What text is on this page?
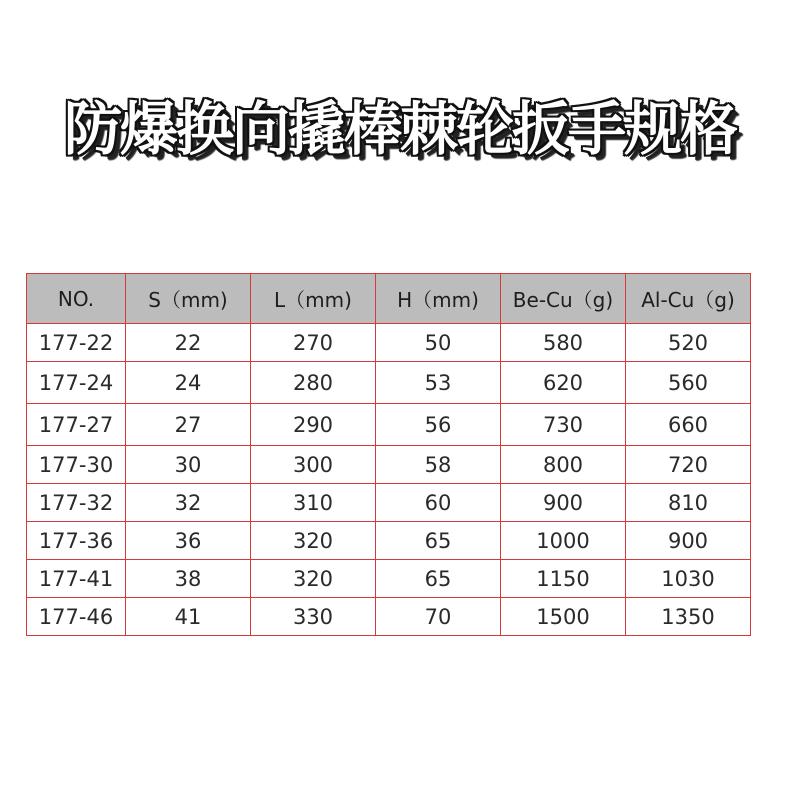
防爆换向撬棒棘轮扳手规格
NO.	S（mm)	L（mm)	H（mm)	Be-Cu（g)	Al-Cu（g)
177-22	22	270	50	580	520
177-24	24	280	53	620	560
177-27	27	290	56	730	660
177-30	30	300	58	800	720
177-32	32	310	60	900	810
177-36	36	320	65	1000	900
177-41	38	320	65	1150	1030
177-46	41	330	70	1500	1350
